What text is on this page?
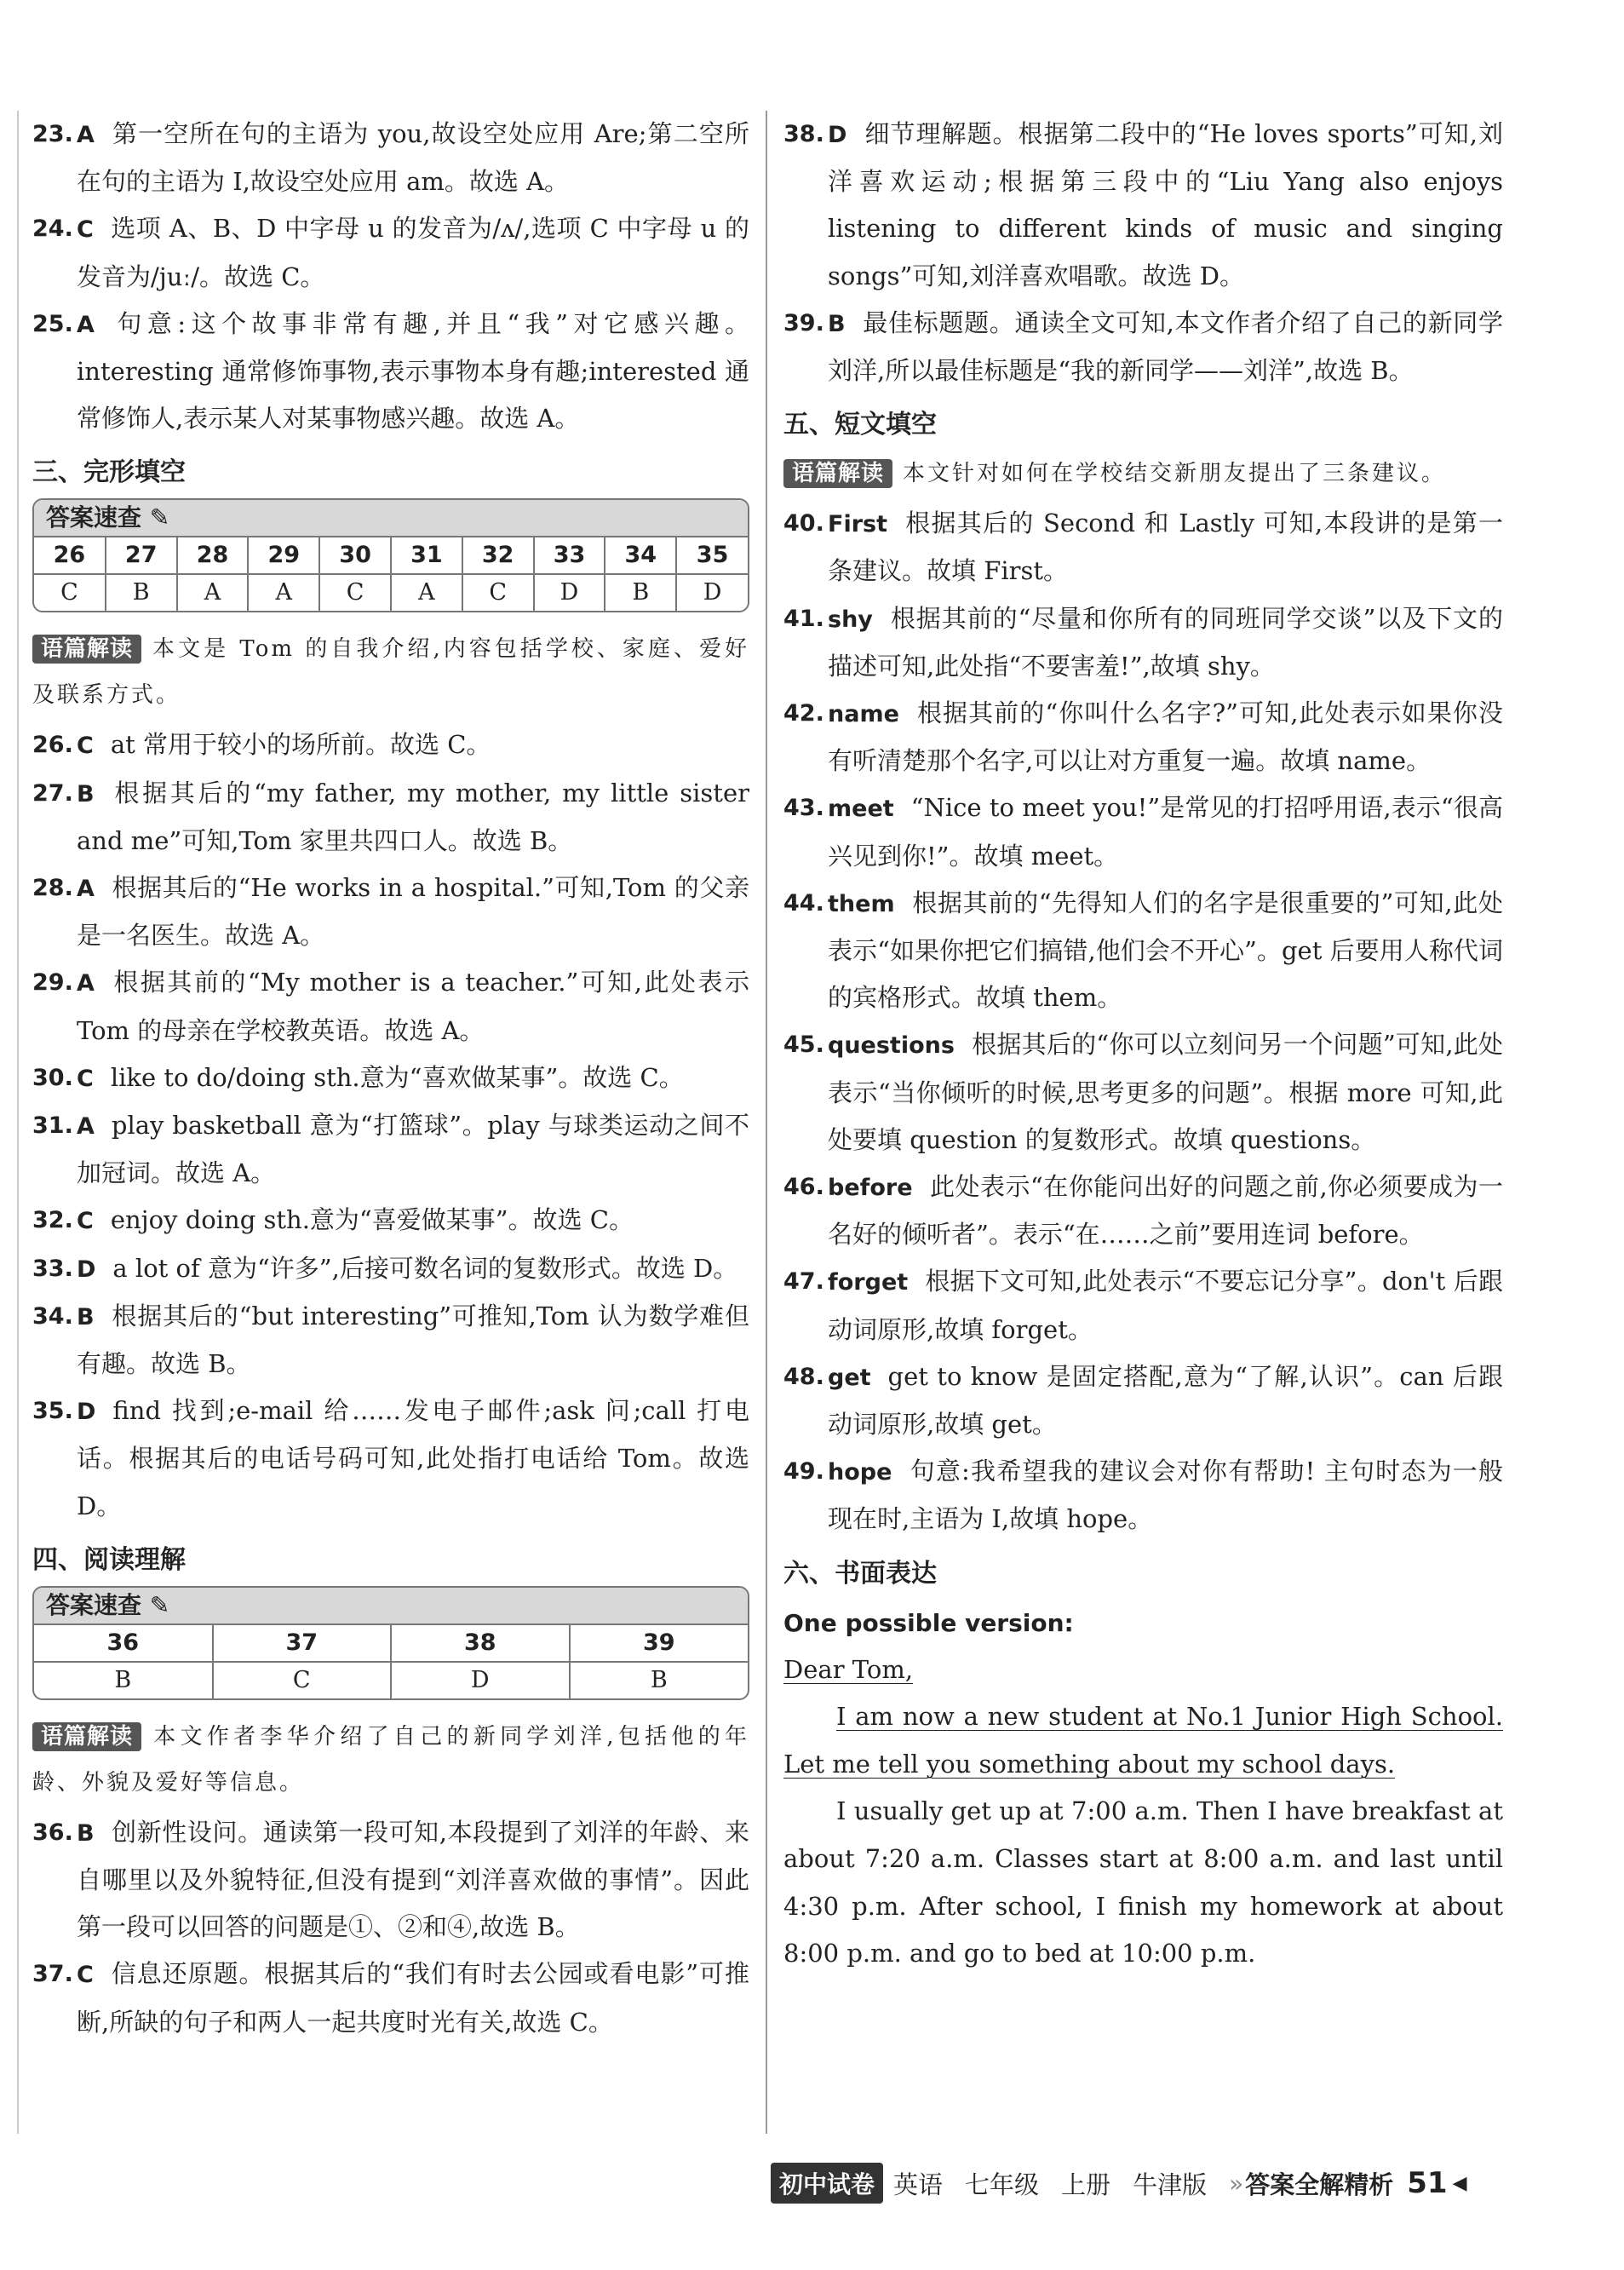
23. A 第一空所在句的主语为 you,故设空处应用 Are;第二空所在句的主语为 I,故设空处应用 am。故选 A。

24. C 选项 A、B、D 中字母 u 的发音为/ʌ/,选项 C 中字母 u 的发音为/juː/。故选 C。

25. A 句意:这个故事非常有趣,并且“我”对它感兴趣。interesting 通常修饰事物,表示事物本身有趣;interested 通常修饰人,表示某人对某事物感兴趣。故选 A。

三、完形填空
答案速查 ✎
26	27	28	29	30	31	32	33	34	35
C	B	A	A	C	A	C	D	B	D

语篇解读 本文是 Tom 的自我介绍,内容包括学校、家庭、爱好及联系方式。

26. C at 常用于较小的场所前。故选 C。

27. B 根据其后的“my father, my mother, my little sister and me”可知,Tom 家里共四口人。故选 B。

28. A 根据其后的“He works in a hospital.”可知,Tom 的父亲是一名医生。故选 A。

29. A 根据其前的“My mother is a teacher.”可知,此处表示 Tom 的母亲在学校教英语。故选 A。

30. C like to do/doing sth.意为“喜欢做某事”。故选 C。

31. A play basketball 意为“打篮球”。play 与球类运动之间不加冠词。故选 A。

32. C enjoy doing sth.意为“喜爱做某事”。故选 C。

33. D a lot of 意为“许多”,后接可数名词的复数形式。故选 D。

34. B 根据其后的“but interesting”可推知,Tom 认为数学难但有趣。故选 B。

35. D find 找到;e-mail 给……发电子邮件;ask 问;call 打电话。根据其后的电话号码可知,此处指打电话给 Tom。故选 D。

四、阅读理解
答案速查 ✎
36	37	38	39
B	C	D	B

语篇解读 本文作者李华介绍了自己的新同学刘洋,包括他的年龄、外貌及爱好等信息。

36. B 创新性设问。通读第一段可知,本段提到了刘洋的年龄、来自哪里以及外貌特征,但没有提到“刘洋喜欢做的事情”。因此第一段可以回答的问题是①、②和④,故选 B。

37. C 信息还原题。根据其后的“我们有时去公园或看电影”可推断,所缺的句子和两人一起共度时光有关,故选 C。

38. D 细节理解题。根据第二段中的“He loves sports”可知,刘洋喜欢运动;根据第三段中的“Liu Yang also enjoys listening to different kinds of music and singing songs”可知,刘洋喜欢唱歌。故选 D。

39. B 最佳标题题。通读全文可知,本文作者介绍了自己的新同学刘洋,所以最佳标题是“我的新同学——刘洋”,故选 B。

五、短文填空

语篇解读 本文针对如何在学校结交新朋友提出了三条建议。

40. First 根据其后的 Second 和 Lastly 可知,本段讲的是第一条建议。故填 First。

41. shy 根据其前的“尽量和你所有的同班同学交谈”以及下文的描述可知,此处指“不要害羞!”,故填 shy。

42. name 根据其前的“你叫什么名字?”可知,此处表示如果你没有听清楚那个名字,可以让对方重复一遍。故填 name。

43. meet “Nice to meet you!”是常见的打招呼用语,表示“很高兴见到你!”。故填 meet。

44. them 根据其前的“先得知人们的名字是很重要的”可知,此处表示“如果你把它们搞错,他们会不开心”。get 后要用人称代词的宾格形式。故填 them。

45. questions 根据其后的“你可以立刻问另一个问题”可知,此处表示“当你倾听的时候,思考更多的问题”。根据 more 可知,此处要填 question 的复数形式。故填 questions。

46. before 此处表示“在你能问出好的问题之前,你必须要成为一名好的倾听者”。表示“在……之前”要用连词 before。

47. forget 根据下文可知,此处表示“不要忘记分享”。don't 后跟动词原形,故填 forget。

48. get get to know 是固定搭配,意为“了解,认识”。can 后跟动词原形,故填 get。

49. hope 句意:我希望我的建议会对你有帮助! 主句时态为一般现在时,主语为 I,故填 hope。

六、书面表达
One possible version:

Dear Tom,

I am now a new student at No.1 Junior High School. Let me tell you something about my school days.

I usually get up at 7:00 a.m. Then I have breakfast at about 7:20 a.m. Classes start at 8:00 a.m. and last until 4:30 p.m. After school, I finish my homework at about 8:00 p.m. and go to bed at 10:00 p.m.

初中试卷 英语 七年级 上册 牛津版 » 答案全解精析 51 ◀
